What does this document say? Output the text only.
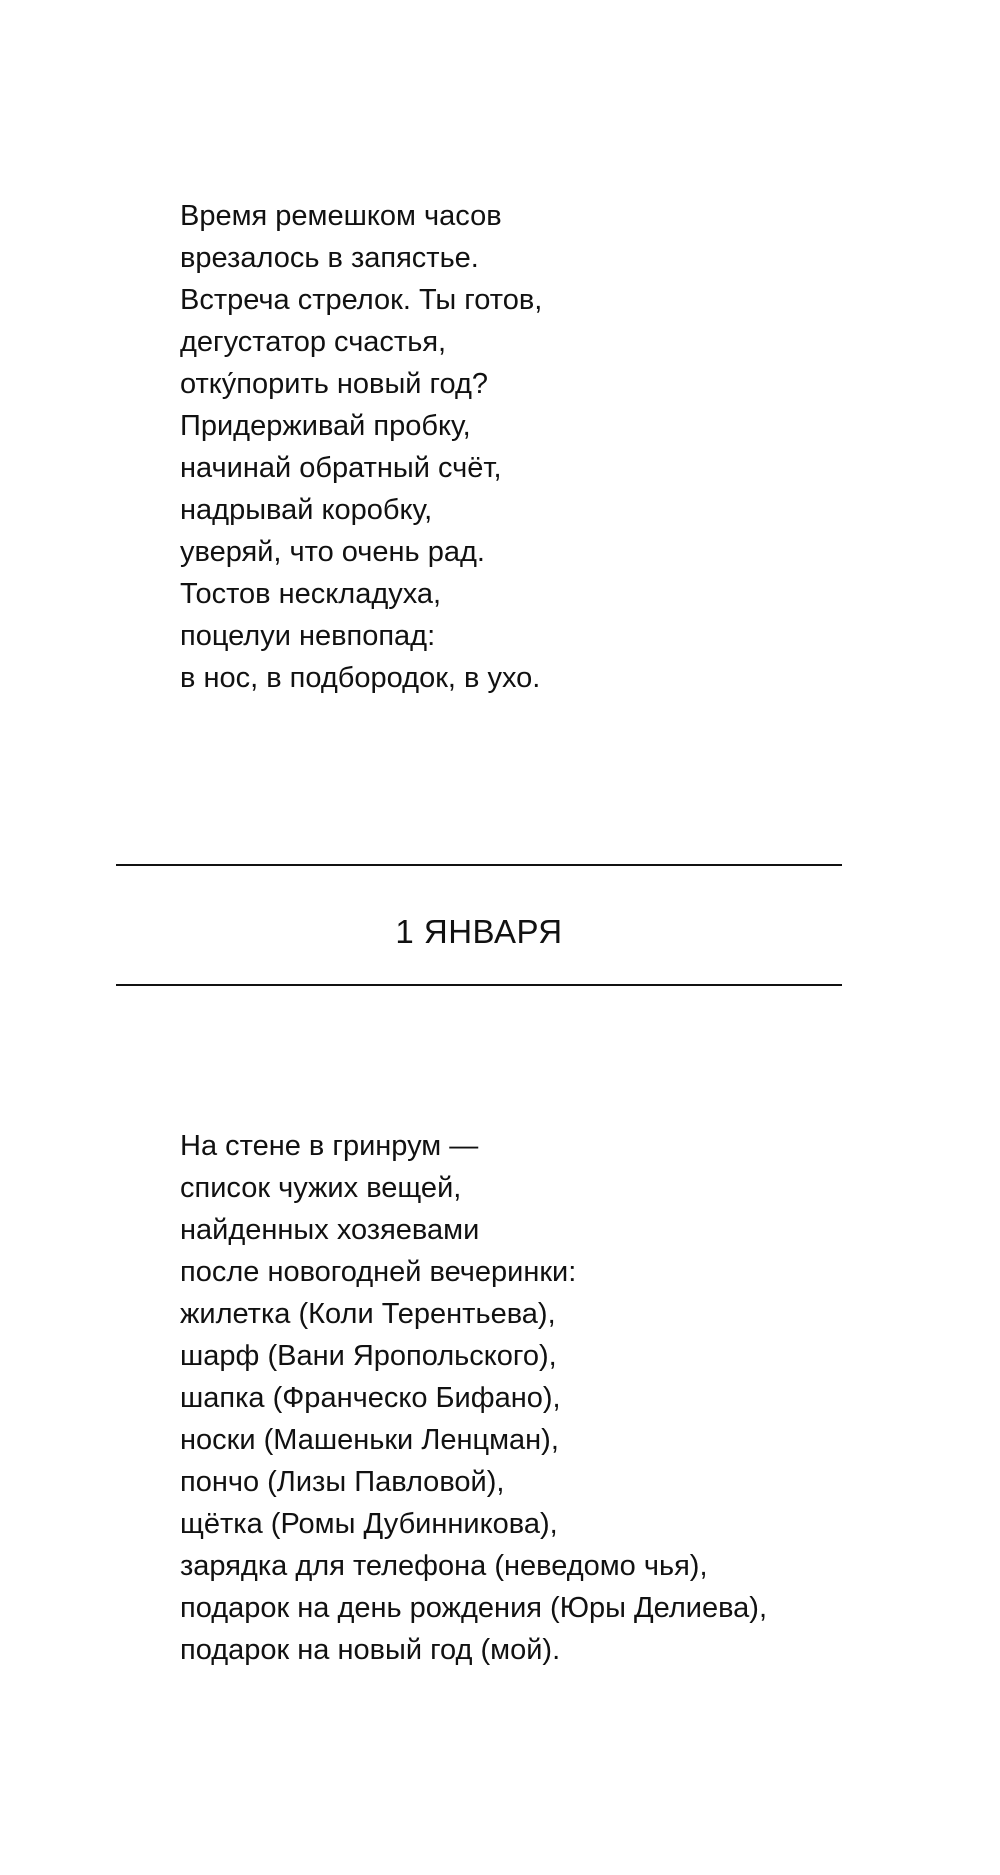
Время ремешком часов
врезалось в запястье.
Встреча стрелок. Ты готов,
дегустатор счастья,
отку́порить новый год?
Придерживай пробку,
начинай обратный счёт,
надрывай коробку,
уверяй, что очень рад.
Тостов нескладуха,
поцелуи невпопад:
в нос, в подбородок, в ухо.
1 ЯНВАРЯ
На стене в гринрум —
список чужих вещей,
найденных хозяевами
после новогодней вечеринки:
жилетка (Коли Терентьева),
шарф (Вани Яропольского),
шапка (Франческо Бифано),
носки (Машеньки Ленцман),
пончо (Лизы Павловой),
щётка (Ромы Дубинникова),
зарядка для телефона (неведомо чья),
подарок на день рождения (Юры Делиева),
подарок на новый год (мой).
